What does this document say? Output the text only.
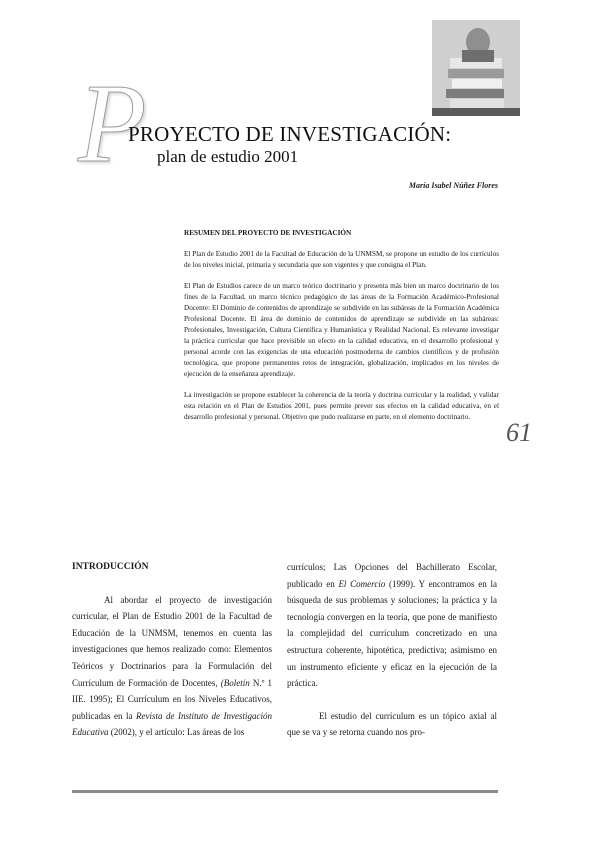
P
PROYECTO DE INVESTIGACIÓN:
plan de estudio 2001
María Isabel Núñez Flores

RESUMEN DEL PROYECTO DE INVESTIGACIÓN

El Plan de Estudio 2001 de la Facultad de Educación de la UNMSM, se propone un estudio de los currículos de los niveles inicial, primaria y secundaria que son vigentes y que consigna el Plan.

El Plan de Estudios carece de un marco teórico doctrinario y presenta más bien un marco doctrinario de los fines de la Facultad, un marco técnico pedagógico de las áreas de la Formación Académico-Profesional Docente: El Dominio de contenidos de aprendizaje se subdivide en las subáreas de la Formación Académica Profesional Docente. El área de dominio de contenidos de aprendizaje se subdivide en las subáreas: Profesionales, Investigación, Cultura Científica y Humanística y Realidad Nacional. Es relevante investigar la práctica curricular que hace previsible un efecto en la calidad educativa, en el desarrollo profesional y personal acorde con las exigencias de una educación postmoderna de cambios científicos y de profusión tecnológica, que propone permanentes retos de integración, globalización, implicados en los niveles de ejecución de la enseñanza aprendizaje.

La investigación se propone establecer la coherencia de la teoría y doctrina curricular y la realidad, y validar esta relación en el Plan de Estudios 2001, pues permite prever sus efectos en la calidad educativa, en el desarrollo profesional y personal. Objetivo que pudo realizarse en parte, en el elemento doctrinario.

61

INTRODUCCIÓN

Al abordar el proyecto de investigación curricular, el Plan de Estudio 2001 de la Facultad de Educación de la UNMSM, tenemos en cuenta las investigaciones que hemos realizado como: Elementos Teóricos y Doctrinarios para la Formulación del Currículum de Formación de Docentes, (Boletín N.º 1 IIE. 1995); El Currículum en los Niveles Educativos, publicadas en la Revista de Instituto de Investigación Educativa (2002), y el artículo: Las áreas de los

currículos; Las Opciones del Bachillerato Escolar, publicado en El Comercio (1999). Y encontramos en la búsqueda de sus problemas y soluciones; la práctica y la tecnología convergen en la teoría, que pone de manifiesto la complejidad del currículum concretizado en una estructura coherente, hipotética, predictiva; asimismo en un instrumento eficiente y eficaz en la ejecución de la práctica.

El estudio del currículum es un tópico axial al que se va y se retorna cuando nos pro-
